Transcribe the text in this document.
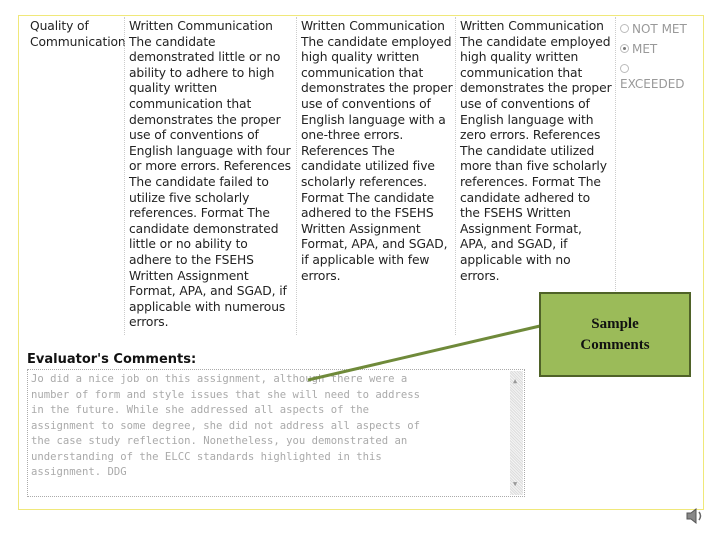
Quality of
Communication
Written Communication
The candidate
demonstrated little or no
ability to adhere to high
quality written
communication that
demonstrates the proper
use of conventions of
English language with four
or more errors. References
The candidate failed to
utilize five scholarly
references. Format The
candidate demonstrated
little or no ability to
adhere to the FSEHS
Written Assignment
Format, APA, and SGAD, if
applicable with numerous
errors.
Written Communication
The candidate employed
high quality written
communication that
demonstrates the proper
use of conventions of
English language with a
one-three errors.
References The
candidate utilized five
scholarly references.
Format The candidate
adhered to the FSEHS
Written Assignment
Format, APA, and SGAD,
if applicable with few
errors.
Written Communication
The candidate employed
high quality written
communication that
demonstrates the proper
use of conventions of
English language with
zero errors. References
The candidate utilized
more than five scholarly
references. Format The
candidate adhered to
the FSEHS Written
Assignment Format,
APA, and SGAD, if
applicable with no
errors.
NOT MET
MET

EXCEEDED
Evaluator's Comments:
Jo did a nice job on this assignment, although there were a
number of form and style issues that she will need to address
in the future. While she addressed all aspects of the
assignment to some degree, she did not address all aspects of
the case study reflection. Nonetheless, you demonstrated an
understanding of the ELCC standards highlighted in this
assignment. DDG
▲
▼
Sample
Comments
